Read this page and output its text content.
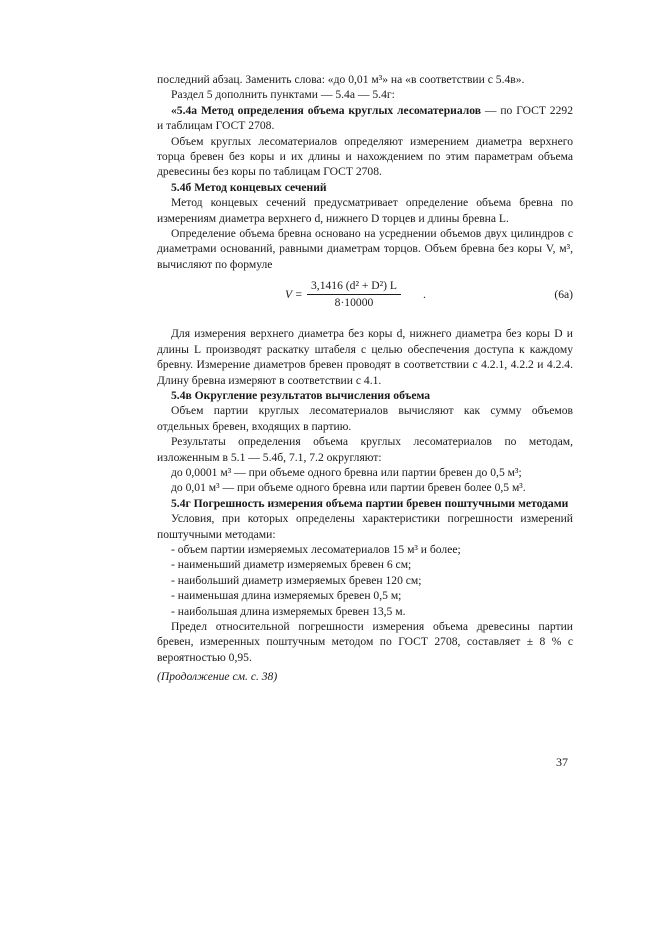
последний абзац. Заменить слова: «до 0,01 м³» на «в соответствии с 5.4в».

Раздел 5 дополнить пунктами — 5.4а — 5.4г:

«5.4а Метод определения объема круглых лесоматериалов — по ГОСТ 2292 и таблицам ГОСТ 2708.

Объем круглых лесоматериалов определяют измерением диаметра верхнего торца бревен без коры и их длины и нахождением по этим параметрам объема древесины без коры по таблицам ГОСТ 2708.

5.4б Метод концевых сечений

Метод концевых сечений предусматривает определение объема бревна по измерениям диаметра верхнего d, нижнего D торцев и длины бревна L.

Определение объема бревна основано на усреднении объемов двух цилиндров с диаметрами оснований, равными диаметрам торцов. Объем бревна без коры V, м³, вычисляют по формуле

$V = \frac{\text{3,1416 (d² + D²) L}}{8\cdot 10000}$ .	(6а)

Для измерения верхнего диаметра без коры d, нижнего диаметра без коры D и длины L производят раскатку штабеля с целью обеспечения доступа к каждому бревну. Измерение диаметров бревен проводят в соответствии с 4.2.1, 4.2.2 и 4.2.4. Длину бревна измеряют в соответствии с 4.1.

5.4в Округление результатов вычисления объема

Объем партии круглых лесоматериалов вычисляют как сумму объемов отдельных бревен, входящих в партию.

Результаты определения объема круглых лесоматериалов по методам, изложенным в 5.1 — 5.4б, 7.1, 7.2 округляют:

до 0,0001 м³ — при объеме одного бревна или партии бревен до 0,5 м³;

до 0,01 м³ — при объеме одного бревна или партии бревен более 0,5 м³.

5.4г Погрешность измерения объема партии бревен поштучными методами

Условия, при которых определены характеристики погрешности измерений поштучными методами:

- объем партии измеряемых лесоматериалов 15 м³ и более;

- наименьший диаметр измеряемых бревен 6 см;

- наибольший диаметр измеряемых бревен 120 см;

- наименьшая длина измеряемых бревен 0,5 м;

- наибольшая длина измеряемых бревен 13,5 м.

Предел относительной погрешности измерения объема древесины партии бревен, измеренных поштучным методом по ГОСТ 2708, составляет ± 8 % с вероятностью 0,95.

(Продолжение см. с. 38)

37
